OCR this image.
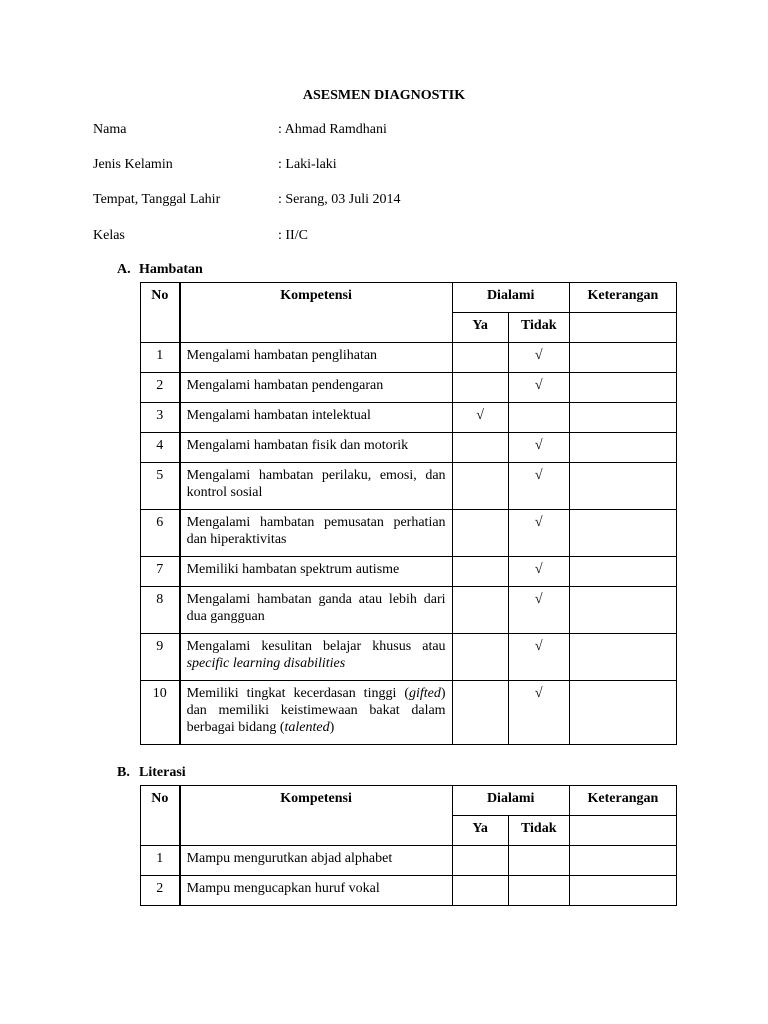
ASESMEN DIAGNOSTIK
Nama	: Ahmad Ramdhani
Jenis Kelamin	: Laki-laki
Tempat, Tanggal Lahir	: Serang, 03 Juli 2014
Kelas	: II/C
A. Hambatan
No	Kompetensi	Dialami		Keterangan
		Ya	Tidak	
1	Mengalami hambatan penglihatan		√	
2	Mengalami hambatan pendengaran		√	
3	Mengalami hambatan intelektual	√		
4	Mengalami hambatan fisik dan motorik		√	
5	Mengalami hambatan perilaku, emosi, dan kontrol sosial		√	
6	Mengalami hambatan pemusatan perhatian dan hiperaktivitas		√	
7	Memiliki hambatan spektrum autisme		√	
8	Mengalami hambatan ganda atau lebih dari dua gangguan		√	
9	Mengalami kesulitan belajar khusus atau specific learning disabilities		√	
10	Memiliki tingkat kecerdasan tinggi (gifted) dan memiliki keistimewaan bakat dalam berbagai bidang (talented)		√	
B. Literasi
No	Kompetensi	Dialami		Keterangan
		Ya	Tidak	
1	Mampu mengurutkan abjad alphabet			
2	Mampu mengucapkan huruf vokal			
